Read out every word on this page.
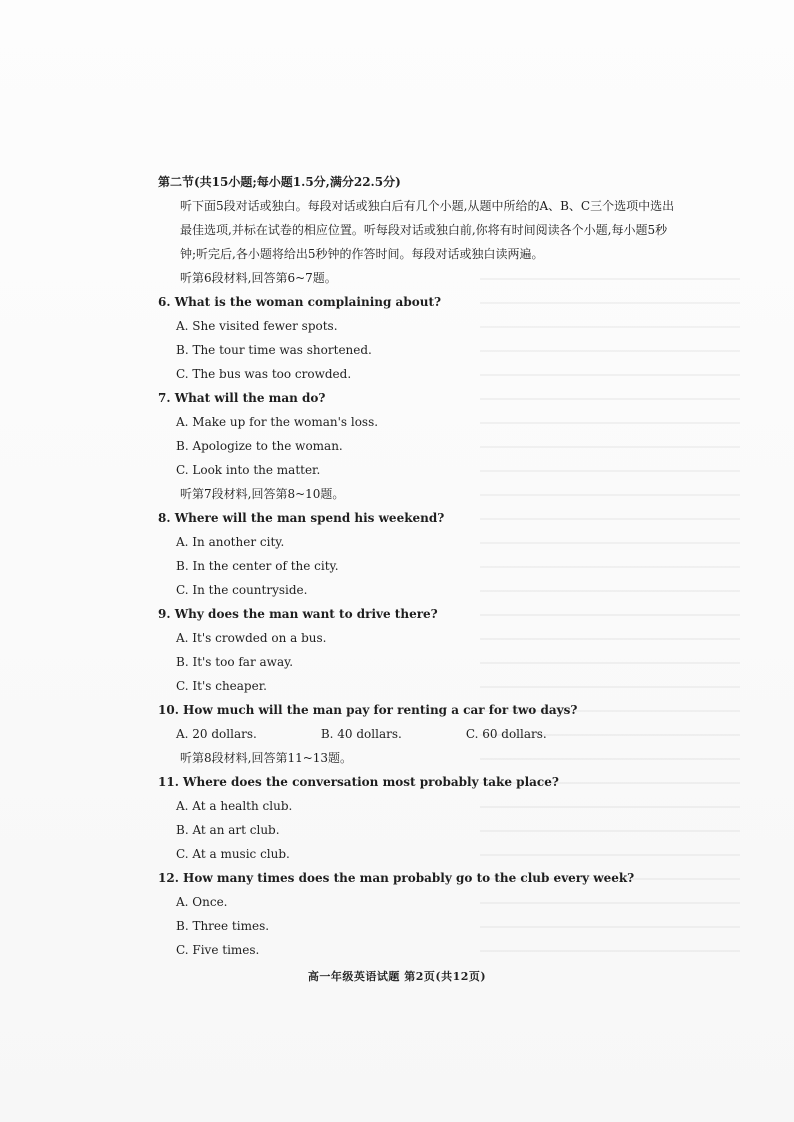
第二节(共15小题;每小题1.5分,满分22.5分)

听下面5段对话或独白。每段对话或独白后有几个小题,从题中所给的A、B、C三个选项中选出最佳选项,并标在试卷的相应位置。听每段对话或独白前,你将有时间阅读各个小题,每小题5秒钟;听完后,各小题将给出5秒钟的作答时间。每段对话或独白读两遍。

听第6段材料,回答第6~7题。

6. What is the woman complaining about?

A. She visited fewer spots.

B. The tour time was shortened.

C. The bus was too crowded.

7. What will the man do?

A. Make up for the woman's loss.

B. Apologize to the woman.

C. Look into the matter.

听第7段材料,回答第8~10题。

8. Where will the man spend his weekend?

A. In another city.

B. In the center of the city.

C. In the countryside.

9. Why does the man want to drive there?

A. It's crowded on a bus.

B. It's too far away.

C. It's cheaper.

10. How much will the man pay for renting a car for two days?

A. 20 dollars.	B. 40 dollars.	C. 60 dollars.

听第8段材料,回答第11~13题。

11. Where does the conversation most probably take place?

A. At a health club.

B. At an art club.

C. At a music club.

12. How many times does the man probably go to the club every week?

A. Once.

B. Three times.

C. Five times.

高一年级英语试题 第2页(共12页)
